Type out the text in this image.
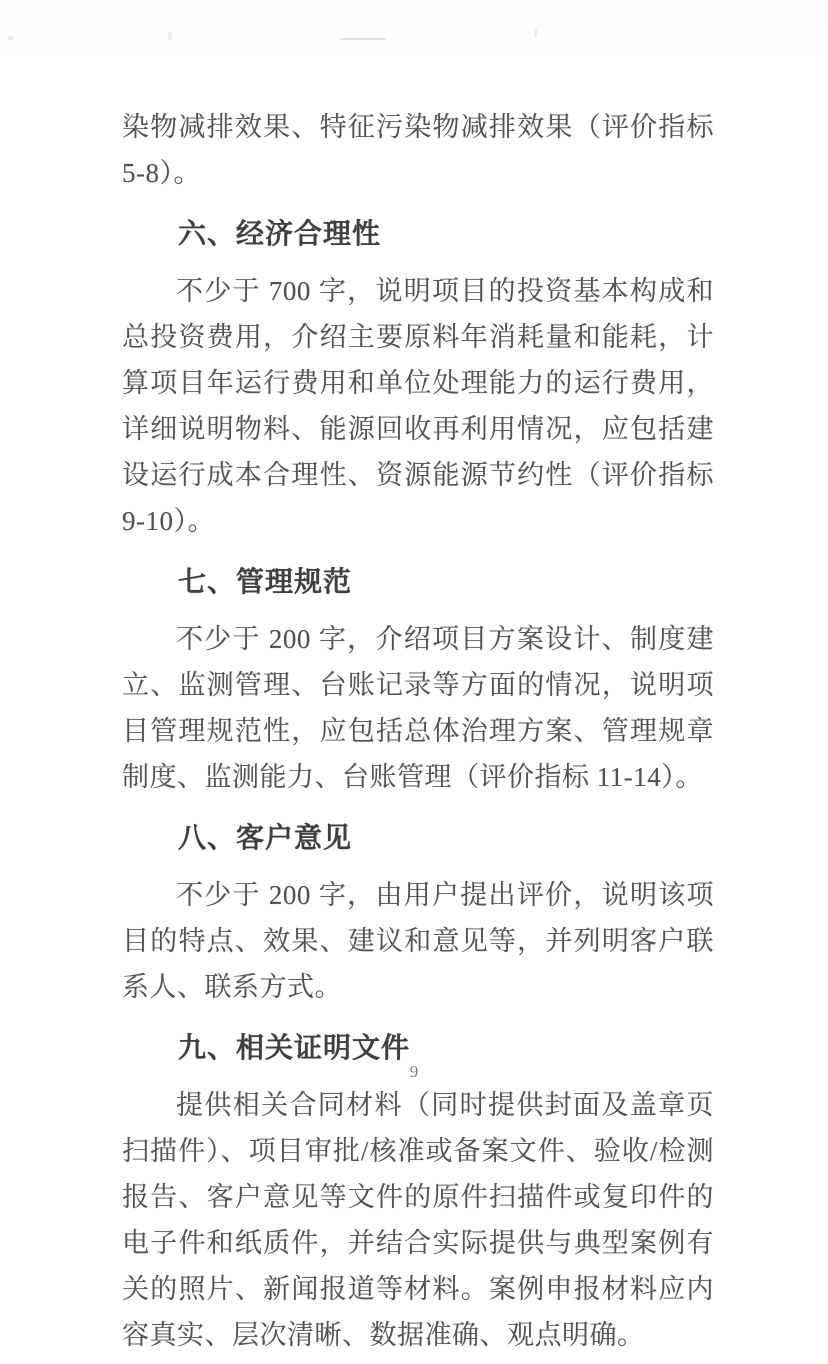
染物减排效果、特征污染物减排效果（评价指标 5-8）。

六、经济合理性

不少于 700 字，说明项目的投资基本构成和总投资费用，介绍主要原料年消耗量和能耗，计算项目年运行费用和单位处理能力的运行费用，详细说明物料、能源回收再利用情况，应包括建设运行成本合理性、资源能源节约性（评价指标 9-10）。

七、管理规范

不少于 200 字，介绍项目方案设计、制度建立、监测管理、台账记录等方面的情况，说明项目管理规范性，应包括总体治理方案、管理规章制度、监测能力、台账管理（评价指标 11-14）。

八、客户意见

不少于 200 字，由用户提出评价，说明该项目的特点、效果、建议和意见等，并列明客户联系人、联系方式。

九、相关证明文件

提供相关合同材料（同时提供封面及盖章页扫描件）、项目审批/核准或备案文件、验收/检测报告、客户意见等文件的原件扫描件或复印件的电子件和纸质件，并结合实际提供与典型案例有关的照片、新闻报道等材料。案例申报材料应内容真实、层次清晰、数据准确、观点明确。

9
